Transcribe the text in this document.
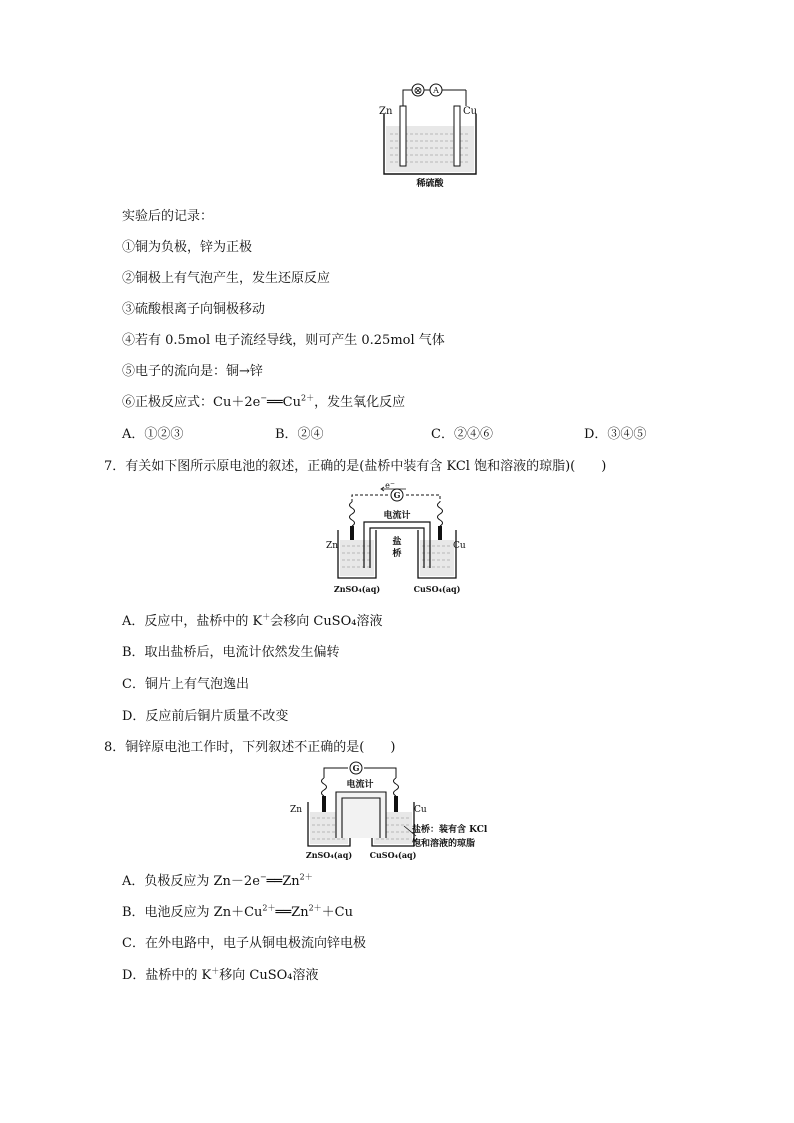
⊗ A
Zn	Cu
稀硫酸
实验后的记录：
①铜为负极，锌为正极
②铜极上有气泡产生，发生还原反应
③硫酸根离子向铜极移动
④若有 0.5mol 电子流经导线，则可产生 0.25mol 气体
⑤电子的流向是：铜→锌
⑥正极反应式：$Cu+2e^-══Cu^{2+}$，发生氧化反应
A．①②③	B．②④	C．②④⑥	D．③④⑤
7．有关如下图所示原电池的叙述，正确的是(盐桥中装有含 KCl 饱和溶液的琼脂)(　　)
e−
G
电流计
盐
桥
Zn	Cu
ZnSO₄(aq)	CuSO₄(aq)
A．反应中，盐桥中的 K＋会移向 CuSO₄溶液
B．取出盐桥后，电流计依然发生偏转
C．铜片上有气泡逸出
D．反应前后铜片质量不改变
8．铜锌原电池工作时，下列叙述不正确的是(　　)
G
电流计
Zn	Cu
盐桥：装有含 KCl
饱和溶液的琼脂
ZnSO₄(aq) CuSO₄(aq)
A．负极反应为 $Zn-2e^-══Zn^{2+}$
B．电池反应为 $Zn+Cu^{2+}══Zn^{2+}+Cu$
C．在外电路中，电子从铜电极流向锌电极
D．盐桥中的 K＋移向 CuSO₄溶液
